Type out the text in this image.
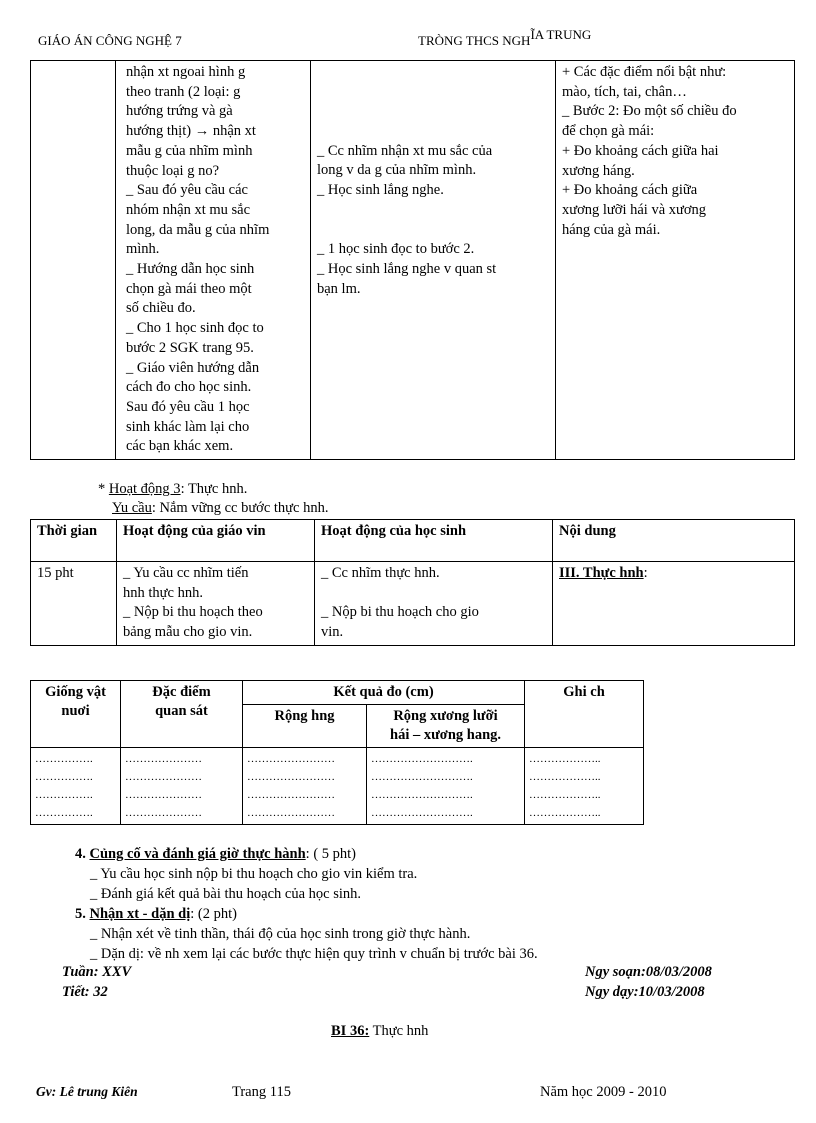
GIÁO ÁN CÔNG NGHỆ 7	TRÒNG THCS NGHĨA TRUNG

nhận xt ngoai hình g
theo tranh (2 loại: g
hướng trứng và gà
hướng thịt) → nhận xt
mẫu g của nhĩm mình
thuộc loại g no?
_ Sau đó yêu cầu các
nhóm nhận xt mu sắc
long, da mẫu g của nhĩm
mình.
_ Hướng dẫn học sinh
chọn gà mái theo một
số chiều đo.
_ Cho 1 học sinh đọc to
bước 2 SGK trang 95.
_ Giáo viên hướng dẫn
cách đo cho học sinh.
Sau đó yêu cầu 1 học
sinh khác làm lại cho
các bạn khác xem.

_ Cc nhĩm nhận xt mu sắc của
long v da g của nhĩm mình.
_ Học sinh lắng nghe.
_ 1 học sinh đọc to bước 2.
_ Học sinh lắng nghe v quan st
bạn lm.

+ Các đặc điểm nổi bật như:
mào, tích, tai, chân…
_ Bước 2: Đo một số chiều đo
để chọn gà mái:
+ Đo khoảng cách giữa hai
xương háng.
+ Đo khoảng cách giữa
xương lưỡi hái và xương
háng của gà mái.
* Hoạt động 3: Thực hnh.
Yu cầu: Nắm vững cc bước thực hnh.
Thời gian	Hoạt động của giáo vin	Hoạt động của học sinh	Nội dung
15 pht	_ Yu cầu cc nhĩm tiến
hnh thực hnh.
_ Nộp bi thu hoạch theo
bảng mẫu cho gio vin.	_ Cc nhĩm thực hnh.
_ Nộp bi thu hoạch cho gio
vin.	III. Thực hnh:
Giống vật
nuơi	Đặc điểm
quan sát	Kết quả đo (cm)		Ghi ch
		Rộng hng	Rộng xương lưỡi
hái – xương hang.	

…………….
…………….
…………….
…………….	…………………
…………………
…………………
…………………	……………………
……………………
……………………
……………………	……………………….
……………………….
……………………….
……………………….	………………..
………………..
………………..
………………..
4. Củng cố và đánh giá giờ thực hành: ( 5 pht)
_ Yu cầu học sinh nộp bi thu hoạch cho gio vin kiểm tra.
_ Đánh giá kết quả bài thu hoạch của học sinh.
5. Nhận xt - dặn dị: (2 pht)
_ Nhận xét về tinh thần, thái độ của học sinh trong giờ thực hành.
_ Dặn dị: về nh xem lại các bước thực hiện quy trình v chuẩn bị trước bài 36.
Tuần: XXV
Tiết: 32
Ngy soạn:08/03/2008
Ngy dạy:10/03/2008
BI 36: Thực hnh
Gv: Lê trung Kiên	Trang 115	Năm học 2009 - 2010
